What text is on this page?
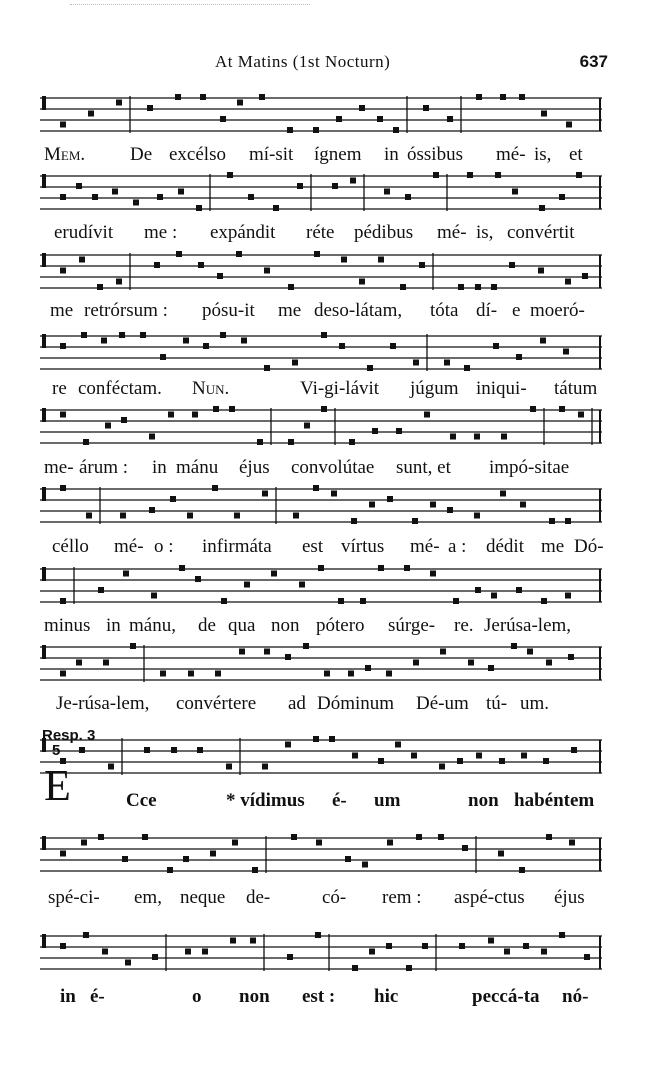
At Matins (1st Nocturn)	637
Mem. De excélso mí-sit ígnem in óssibus mé- is, et
erudívit me : expándit réte pédibus mé- is, convértit
me retrórsum : pósu-it me deso-látam, tóta dí- e moeró-
re conféctam. Nun.	Vi-gi-lávit júgum iniqui- tátum
me- árum : in mánu éjus convolútae sunt, et impó-sitae
céllo mé- o : infirmáta est vírtus mé- a : dédit me Dó-
minus in mánu, de qua non pótero súrge- re. Jerúsa-lem,
Je-rúsa-lem, convértere ad Dóminum Dé-um tú- um.
Cce	* vídimus é- um	non habéntem
spé-ci- em, neque de-	có- rem : aspé-ctus éjus
in é-	o non est : hic	peccá-ta nó-
Resp. 3
5
E
